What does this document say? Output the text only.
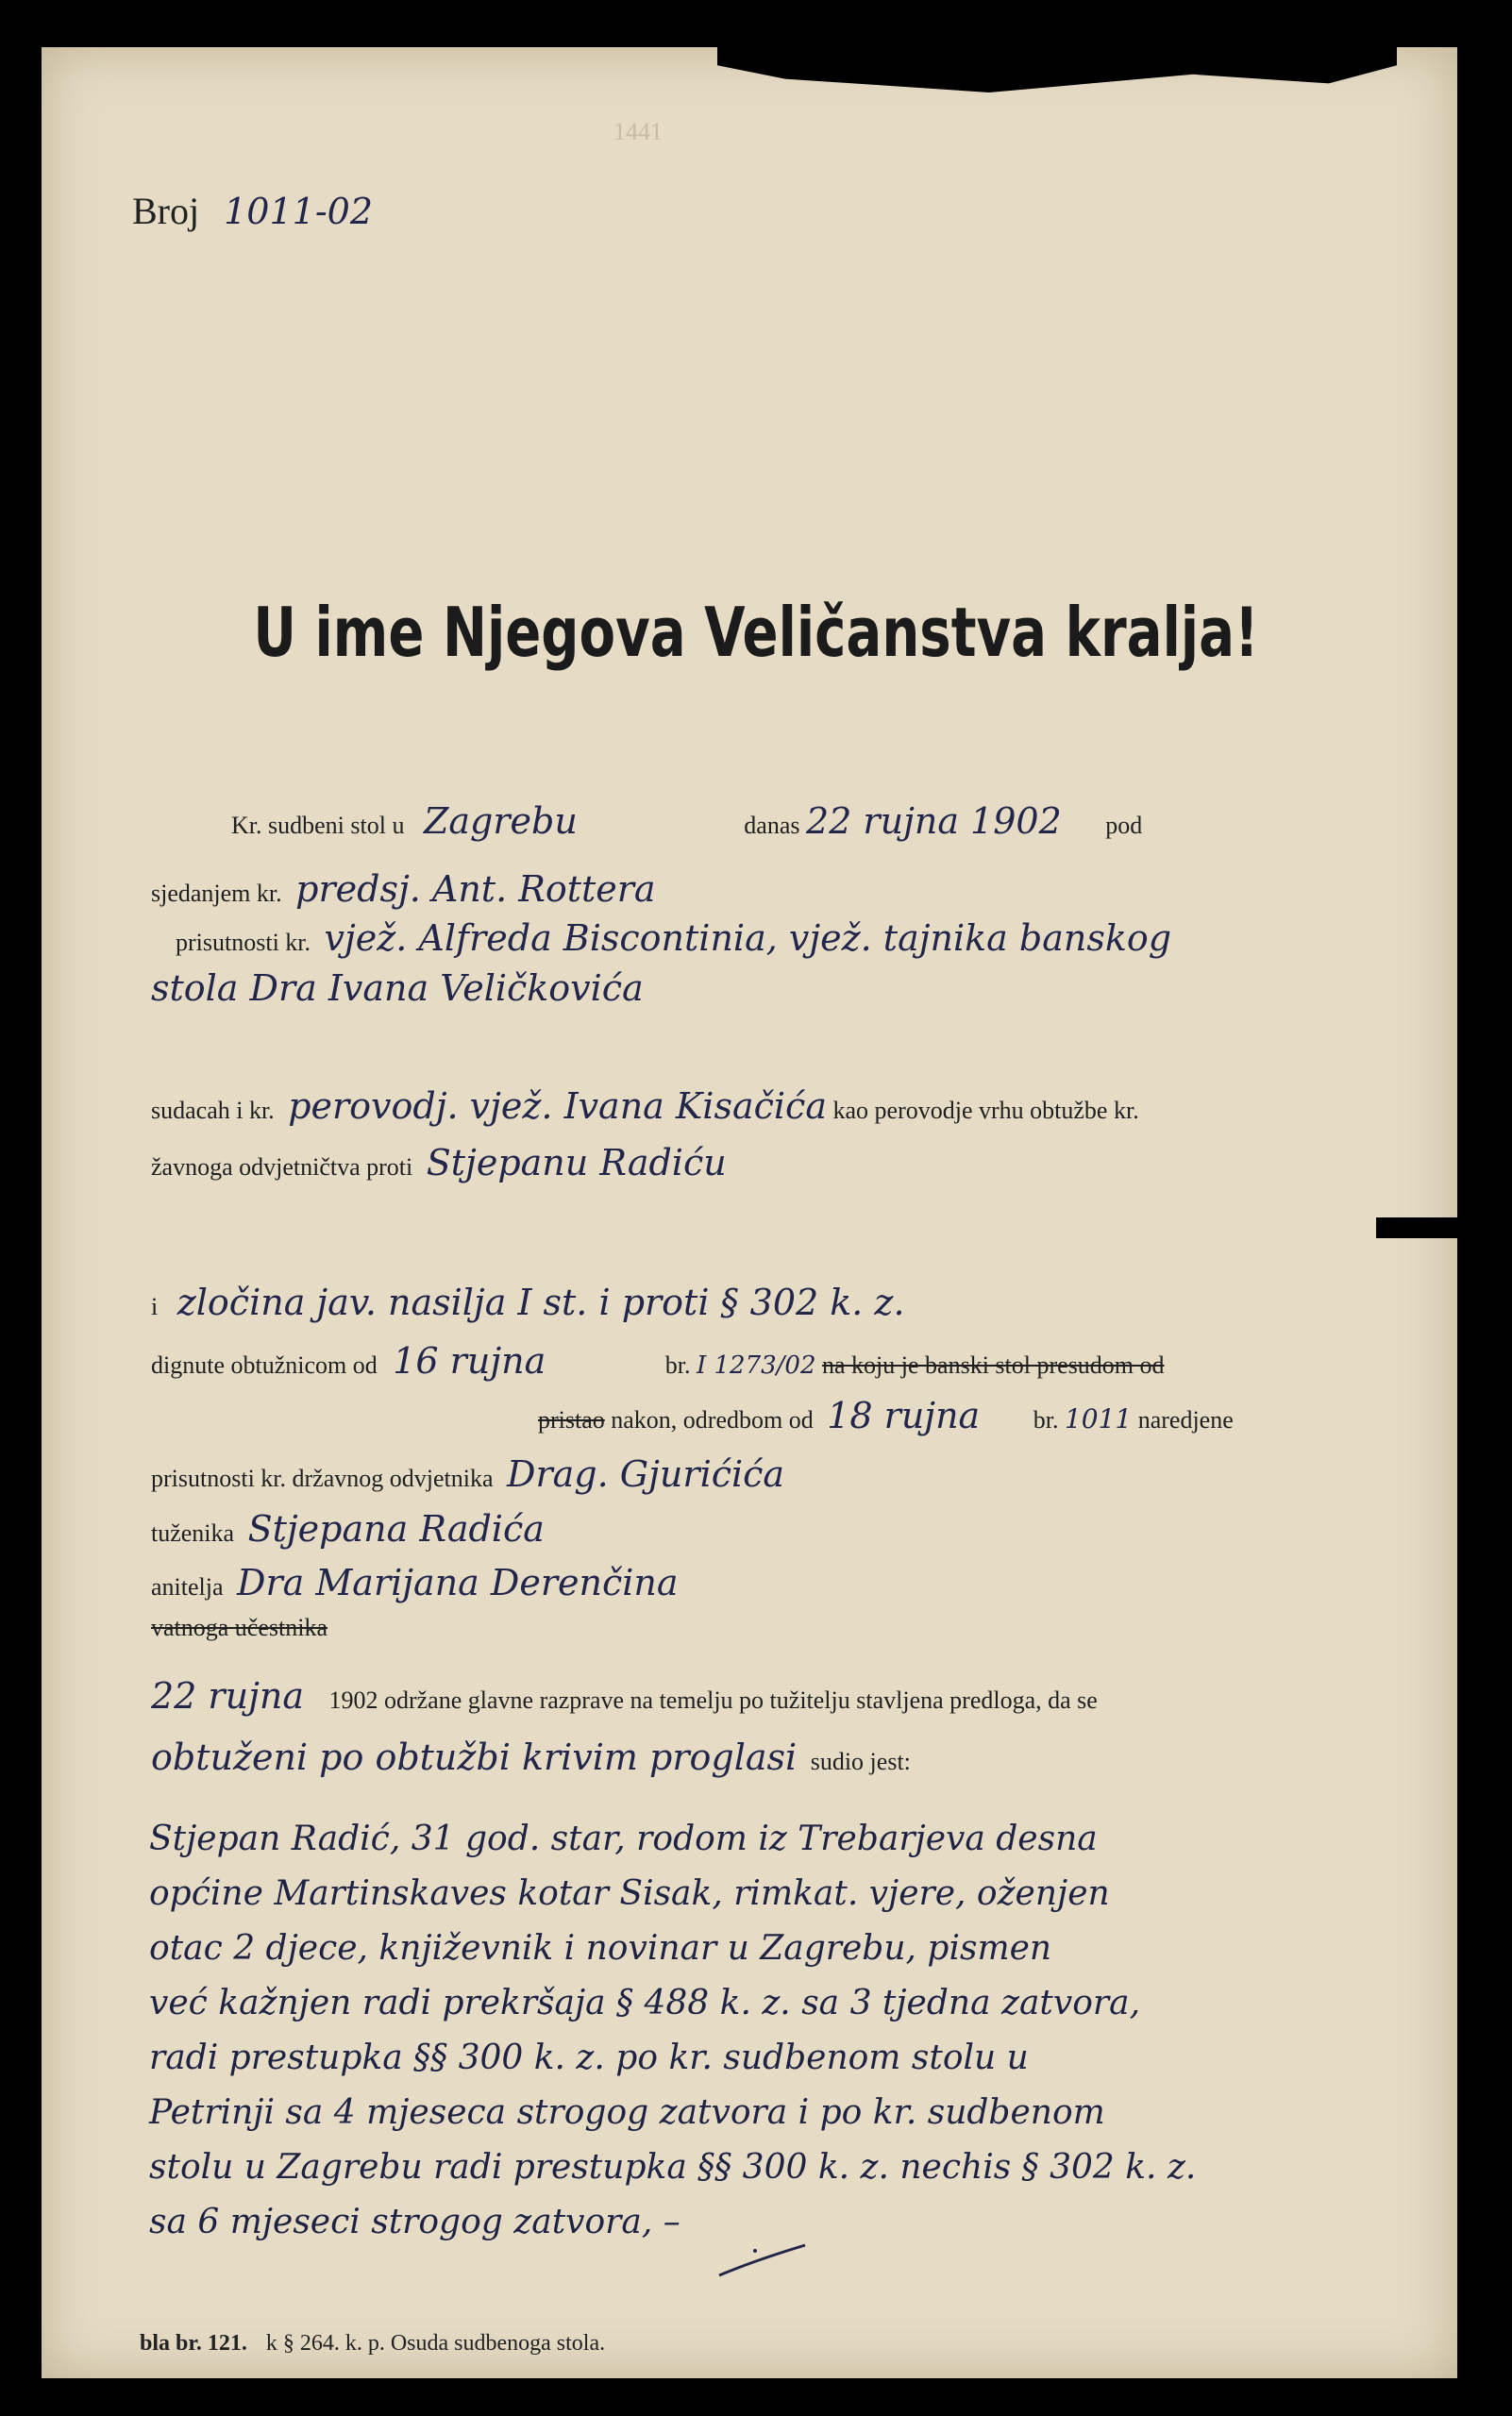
1441
Broj 1011-02
U ime Njegova Veličanstva kralja!
Kr. sudbeni stol u Zagrebu	danas 22 rujna 1902 pod
sjedanjem kr. predsj. Ant. Rottera
prisutnosti kr. vjež. Alfreda Biscontinia, vjež. tajnika banskog
stola Dra Ivana Veličkovića
sudacah i kr. perovodj. vjež. Ivana Kisačića kao perovodje vrhu obtužbe kr.
žavnoga odvjetničtva proti Stjepanu Radiću
i zločina jav. nasilja I st. i proti § 302 k. z.
dignute obtužnicom od 16 rujna	br. I 1273/02 na koju je banski stol presudom od
pristao nakon, odredbom od 18 rujna br. 1011 naredjene
prisutnosti kr. državnog odvjetnika Drag. Gjurićića
tuženika Stjepana Radića
anitelja Dra Marijana Derenčina
vatnoga učestnika
22 rujna 1902 održane glavne razprave na temelju po tužitelju stavljena predloga, da se
obtuženi po obtužbi krivim proglasi sudio jest:

Stjepan Radić, 31 god. star, rodom iz Trebarjeva desna

općine Martinskaves kotar Sisak, rimkat. vjere, oženjen

otac 2 djece, književnik i novinar u Zagrebu, pismen

već kažnjen radi prekršaja § 488 k. z. sa 3 tjedna zatvora,

radi prestupka §§ 300 k. z. po kr. sudbenom stolu u

Petrinji sa 4 mjeseca strogog zatvora i po kr. sudbenom

stolu u Zagrebu radi prestupka §§ 300 k. z. nechis § 302 k. z.

sa 6 mjeseci strogog zatvora, –

bla br. 121. k § 264. k. p. Osuda sudbenoga stola.
